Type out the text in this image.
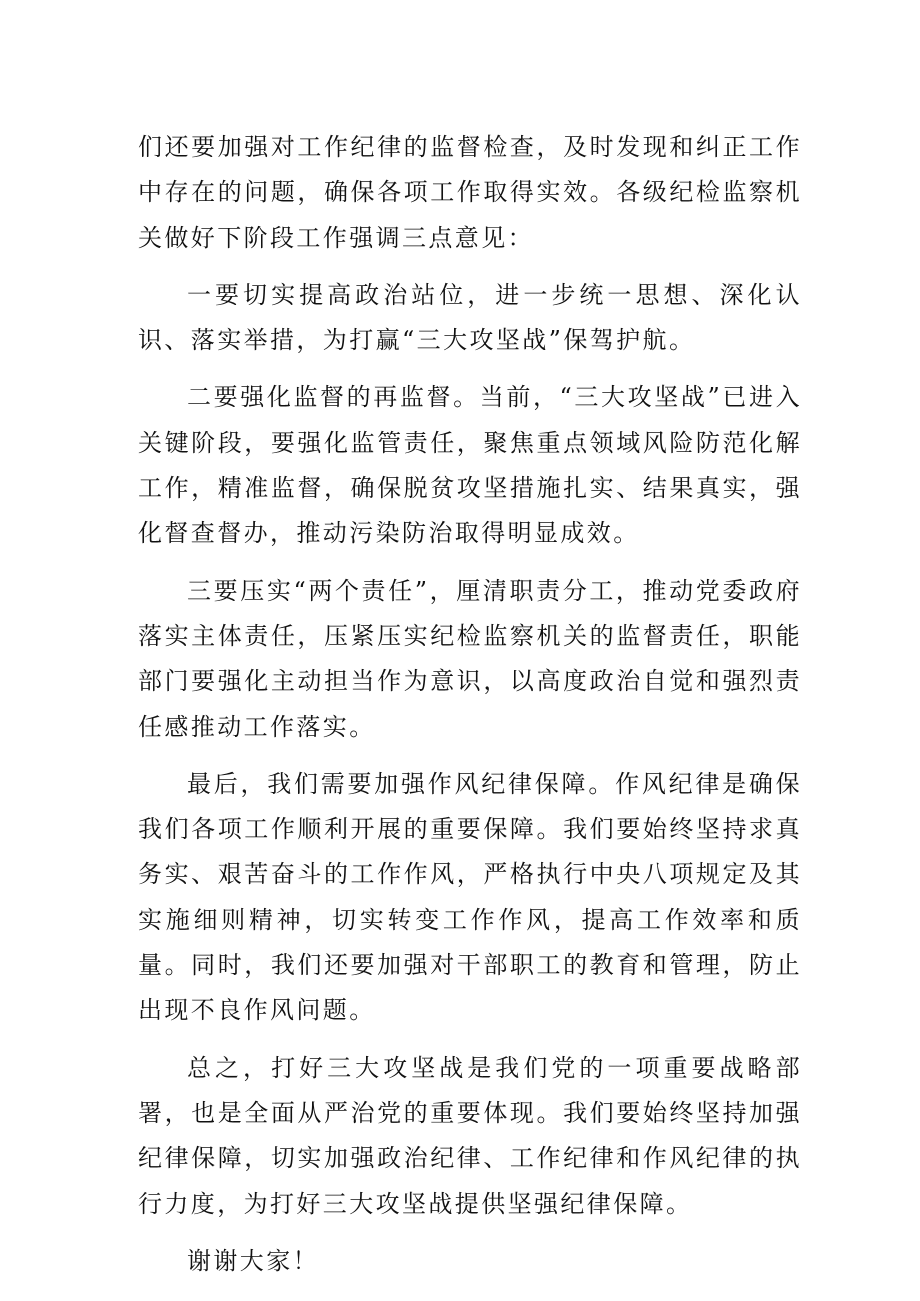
们还要加强对工作纪律的监督检查，及时发现和纠正工作中存在的问题，确保各项工作取得实效。各级纪检监察机关做好下阶段工作强调三点意见：

一要切实提高政治站位，进一步统一思想、深化认识、落实举措，为打赢“三大攻坚战”保驾护航。

二要强化监督的再监督。当前，“三大攻坚战”已进入关键阶段，要强化监管责任，聚焦重点领域风险防范化解工作，精准监督，确保脱贫攻坚措施扎实、结果真实，强化督查督办，推动污染防治取得明显成效。

三要压实“两个责任”，厘清职责分工，推动党委政府落实主体责任，压紧压实纪检监察机关的监督责任，职能部门要强化主动担当作为意识，以高度政治自觉和强烈责任感推动工作落实。

最后，我们需要加强作风纪律保障。作风纪律是确保我们各项工作顺利开展的重要保障。我们要始终坚持求真务实、艰苦奋斗的工作作风，严格执行中央八项规定及其实施细则精神，切实转变工作作风，提高工作效率和质量。同时，我们还要加强对干部职工的教育和管理，防止出现不良作风问题。

总之，打好三大攻坚战是我们党的一项重要战略部署，也是全面从严治党的重要体现。我们要始终坚持加强纪律保障，切实加强政治纪律、工作纪律和作风纪律的执行力度，为打好三大攻坚战提供坚强纪律保障。

谢谢大家！
